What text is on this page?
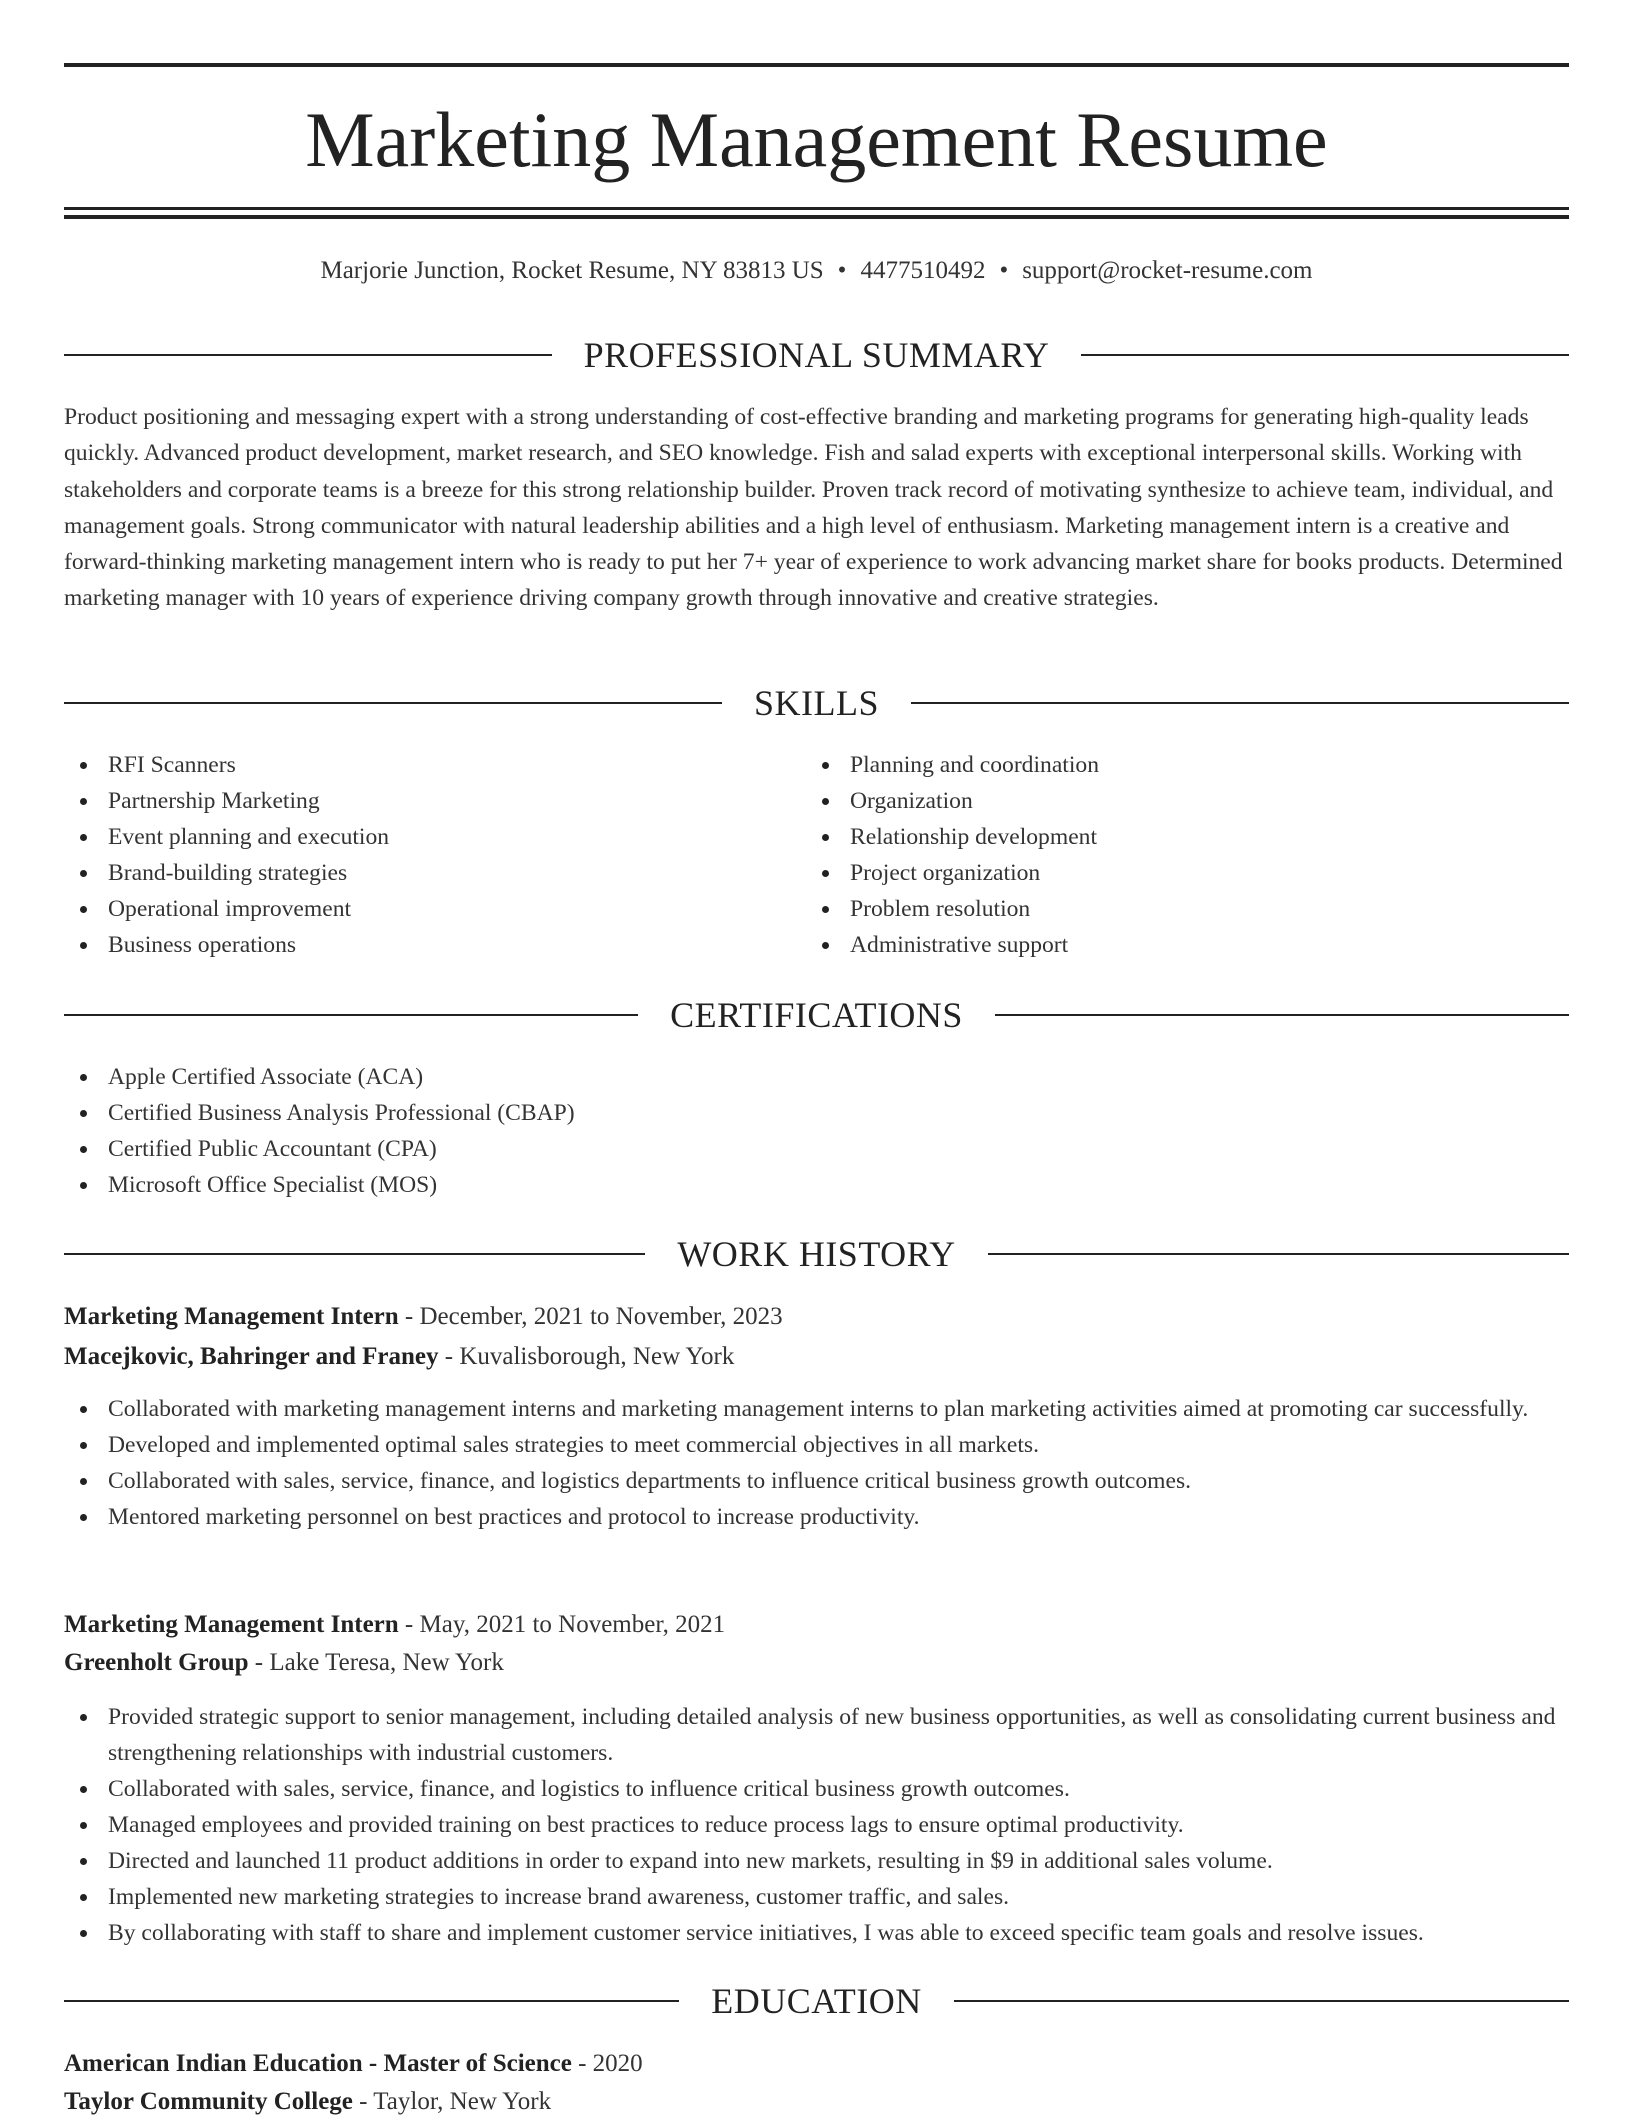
Marketing Management Resume
Marjorie Junction, Rocket Resume, NY 83813 US • 4477510492 • support@rocket-resume.com
PROFESSIONAL SUMMARY

Product positioning and messaging expert with a strong understanding of cost-effective branding and marketing programs for generating high-quality leads quickly. Advanced product development, market research, and SEO knowledge. Fish and salad experts with exceptional interpersonal skills. Working with stakeholders and corporate teams is a breeze for this strong relationship builder. Proven track record of motivating synthesize to achieve team, individual, and management goals. Strong communicator with natural leadership abilities and a high level of enthusiasm. Marketing management intern is a creative and forward-thinking marketing management intern who is ready to put her 7+ year of experience to work advancing market share for books products. Determined marketing manager with 10 years of experience driving company growth through innovative and creative strategies.

SKILLS
RFI Scanners
Partnership Marketing
Event planning and execution
Brand-building strategies
Operational improvement
Business operations
Planning and coordination
Organization
Relationship development
Project organization
Problem resolution
Administrative support
CERTIFICATIONS
Apple Certified Associate (ACA)
Certified Business Analysis Professional (CBAP)
Certified Public Accountant (CPA)
Microsoft Office Specialist (MOS)
WORK HISTORY
Marketing Management Intern - December, 2021 to November, 2023
Macejkovic, Bahringer and Franey - Kuvalisborough, New York
Collaborated with marketing management interns and marketing management interns to plan marketing activities aimed at promoting car successfully.
Developed and implemented optimal sales strategies to meet commercial objectives in all markets.
Collaborated with sales, service, finance, and logistics departments to influence critical business growth outcomes.
Mentored marketing personnel on best practices and protocol to increase productivity.
Marketing Management Intern - May, 2021 to November, 2021
Greenholt Group - Lake Teresa, New York
Provided strategic support to senior management, including detailed analysis of new business opportunities, as well as consolidating current business and strengthening relationships with industrial customers.
Collaborated with sales, service, finance, and logistics to influence critical business growth outcomes.
Managed employees and provided training on best practices to reduce process lags to ensure optimal productivity.
Directed and launched 11 product additions in order to expand into new markets, resulting in $9 in additional sales volume.
Implemented new marketing strategies to increase brand awareness, customer traffic, and sales.
By collaborating with staff to share and implement customer service initiatives, I was able to exceed specific team goals and resolve issues.
EDUCATION
American Indian Education - Master of Science - 2020
Taylor Community College - Taylor, New York
